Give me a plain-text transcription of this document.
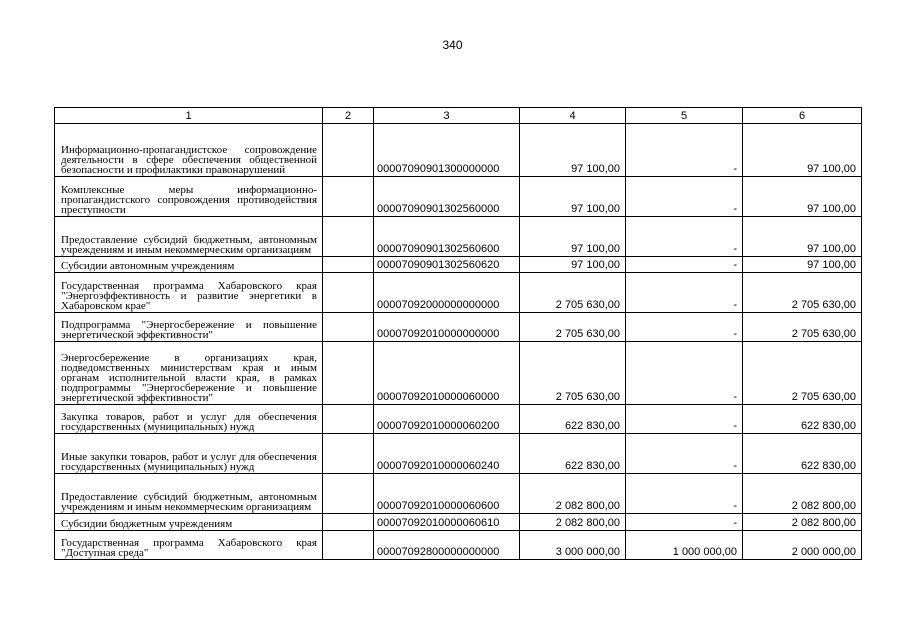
340
1	2	3	4	5	6
Информационно-пропагандистское сопровождение деятельности в сфере обеспечения общественной безопасности и профилактики правонарушений		00007090901300000000	97 100,00	-	97 100,00
Комплексные меры информационно-пропагандистского сопровождения противодействия преступности		00007090901302560000	97 100,00	-	97 100,00
Предоставление субсидий бюджетным, автономным учреждениям и иным некоммерческим организациям		00007090901302560600	97 100,00	-	97 100,00
Субсидии автономным учреждениям		00007090901302560620	97 100,00	-	97 100,00
Государственная программа Хабаровского края "Энергоэффективность и развитие энергетики в Хабаровском крае"		00007092000000000000	2 705 630,00	-	2 705 630,00
Подпрограмма "Энергосбережение и повышение энергетической эффективности"		00007092010000000000	2 705 630,00	-	2 705 630,00
Энергосбережение в организациях края, подведомственных министерствам края и иным органам исполнительной власти края, в рамках подпрограммы "Энергосбережение и повышение энергетической эффективности"		00007092010000060000	2 705 630,00	-	2 705 630,00
Закупка товаров, работ и услуг для обеспечения государственных (муниципальных) нужд		00007092010000060200	622 830,00	-	622 830,00
Иные закупки товаров, работ и услуг для обеспечения государственных (муниципальных) нужд		00007092010000060240	622 830,00	-	622 830,00
Предоставление субсидий бюджетным, автономным учреждениям и иным некоммерческим организациям		00007092010000060600	2 082 800,00	-	2 082 800,00
Субсидии бюджетным учреждениям		00007092010000060610	2 082 800,00	-	2 082 800,00
Государственная программа Хабаровского края "Доступная среда"		00007092800000000000	3 000 000,00	1 000 000,00	2 000 000,00
